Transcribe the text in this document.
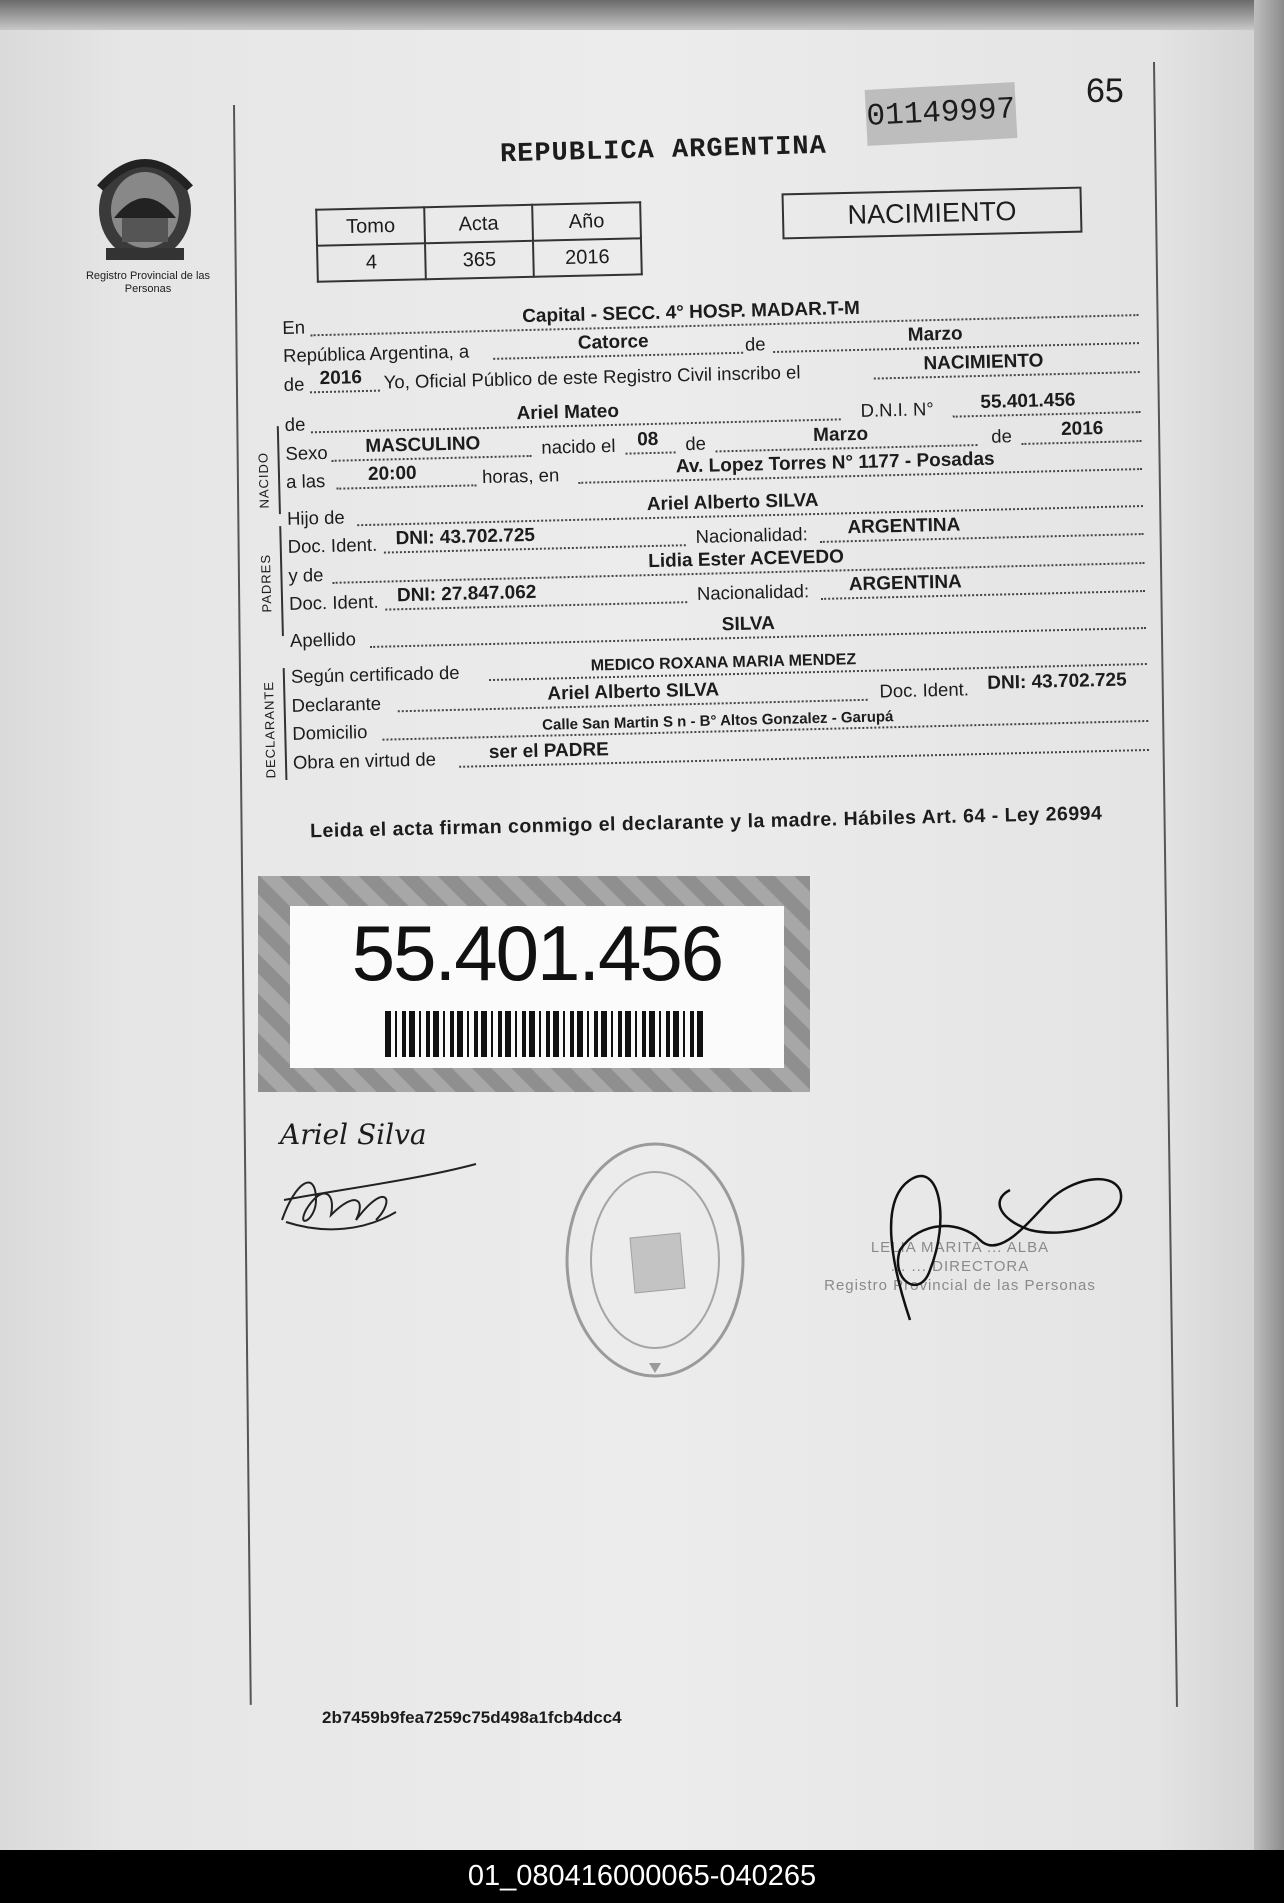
01149997
65
REPUBLICA ARGENTINA
Registro Provincial de las Personas
Tomo	Acta	Año
4	365	2016
NACIMIENTO
NACIDO
PADRES
DECLARANTE
En
Capital - SECC. 4° HOSP. MADAR.T-M
República Argentina, a	Catorce	de	Marzo
de 2016 Yo, Oficial Público de este Registro Civil inscribo el	NACIMIENTO
de	Ariel Mateo	D.N.I. N° 55.401.456
Sexo MASCULINO	nacido el 08 de	Marzo	de	2016
a las 20:00	horas, en	Av. Lopez Torres N° 1177 - Posadas
Hijo de
Ariel Alberto SILVA
Doc. Ident. DNI: 43.702.725	Nacionalidad: ARGENTINA
y de
Lidia Ester ACEVEDO
Doc. Ident. DNI: 27.847.062	Nacionalidad: ARGENTINA
Apellido
SILVA
Según certificado de	MEDICO ROXANA MARIA MENDEZ
Declarante	Ariel Alberto SILVA	Doc. Ident. DNI: 43.702.725
Domicilio	Calle San Martin S n - B° Altos Gonzalez - Garupá
Obra en virtud de	ser el PADRE
Leida el acta firman conmigo el declarante y la madre. Hábiles Art. 64 - Ley 26994
55.401.456
Ariel Silva
LELIA MARITA ... ALBA
... ... DIRECTORA
Registro Provincial de las Personas
2b7459b9fea7259c75d498a1fcb4dcc4
01_080416000065-040265
